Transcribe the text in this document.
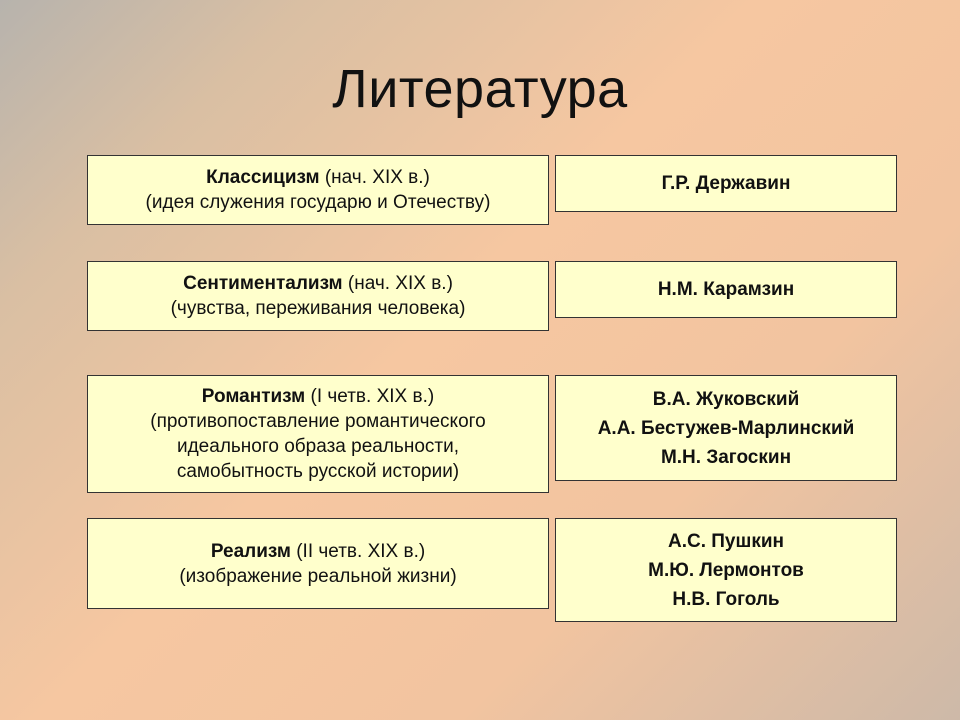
Литература
Классицизм (нач. XIX в.)
(идея служения государю и Отечеству)
Г.Р. Державин
Сентиментализм (нач. XIX в.)
(чувства, переживания человека)
Н.М. Карамзин
Романтизм (I четв. XIX в.)
(противопоставление романтического
идеального образа реальности,
самобытность русской истории)
В.А. Жуковский
А.А. Бестужев-Марлинский
М.Н. Загоскин
Реализм (II четв. XIX в.)
(изображение реальной жизни)
А.С. Пушкин
М.Ю. Лермонтов
Н.В. Гоголь
